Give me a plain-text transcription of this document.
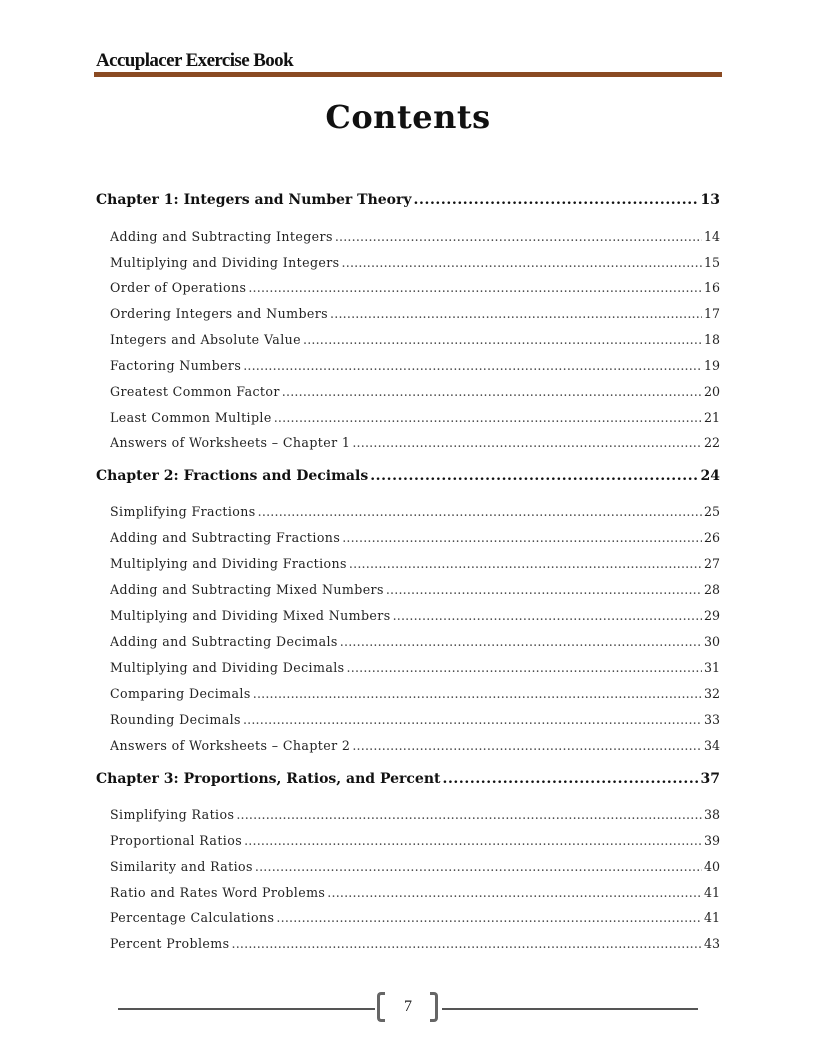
Accuplacer Exercise Book
Contents
Chapter 1: Integers and Number Theory .....	13
Adding and Subtracting Integers .....	14
Multiplying and Dividing Integers .....	15
Order of Operations .....	16
Ordering Integers and Numbers .....	17
Integers and Absolute Value .....	18
Factoring Numbers .....	19
Greatest Common Factor .....	20
Least Common Multiple .....	21
Answers of Worksheets – Chapter 1 .....	22
Chapter 2: Fractions and Decimals .....	24
Simplifying Fractions .....	25
Adding and Subtracting Fractions .....	26
Multiplying and Dividing Fractions .....	27
Adding and Subtracting Mixed Numbers .....	28
Multiplying and Dividing Mixed Numbers .....	29
Adding and Subtracting Decimals .....	30
Multiplying and Dividing Decimals .....	31
Comparing Decimals .....	32
Rounding Decimals .....	33
Answers of Worksheets – Chapter 2 .....	34
Chapter 3: Proportions, Ratios, and Percent .....	37
Simplifying Ratios .....	38
Proportional Ratios .....	39
Similarity and Ratios .....	40
Ratio and Rates Word Problems .....	41
Percentage Calculations .....	41
Percent Problems .....	43
7
